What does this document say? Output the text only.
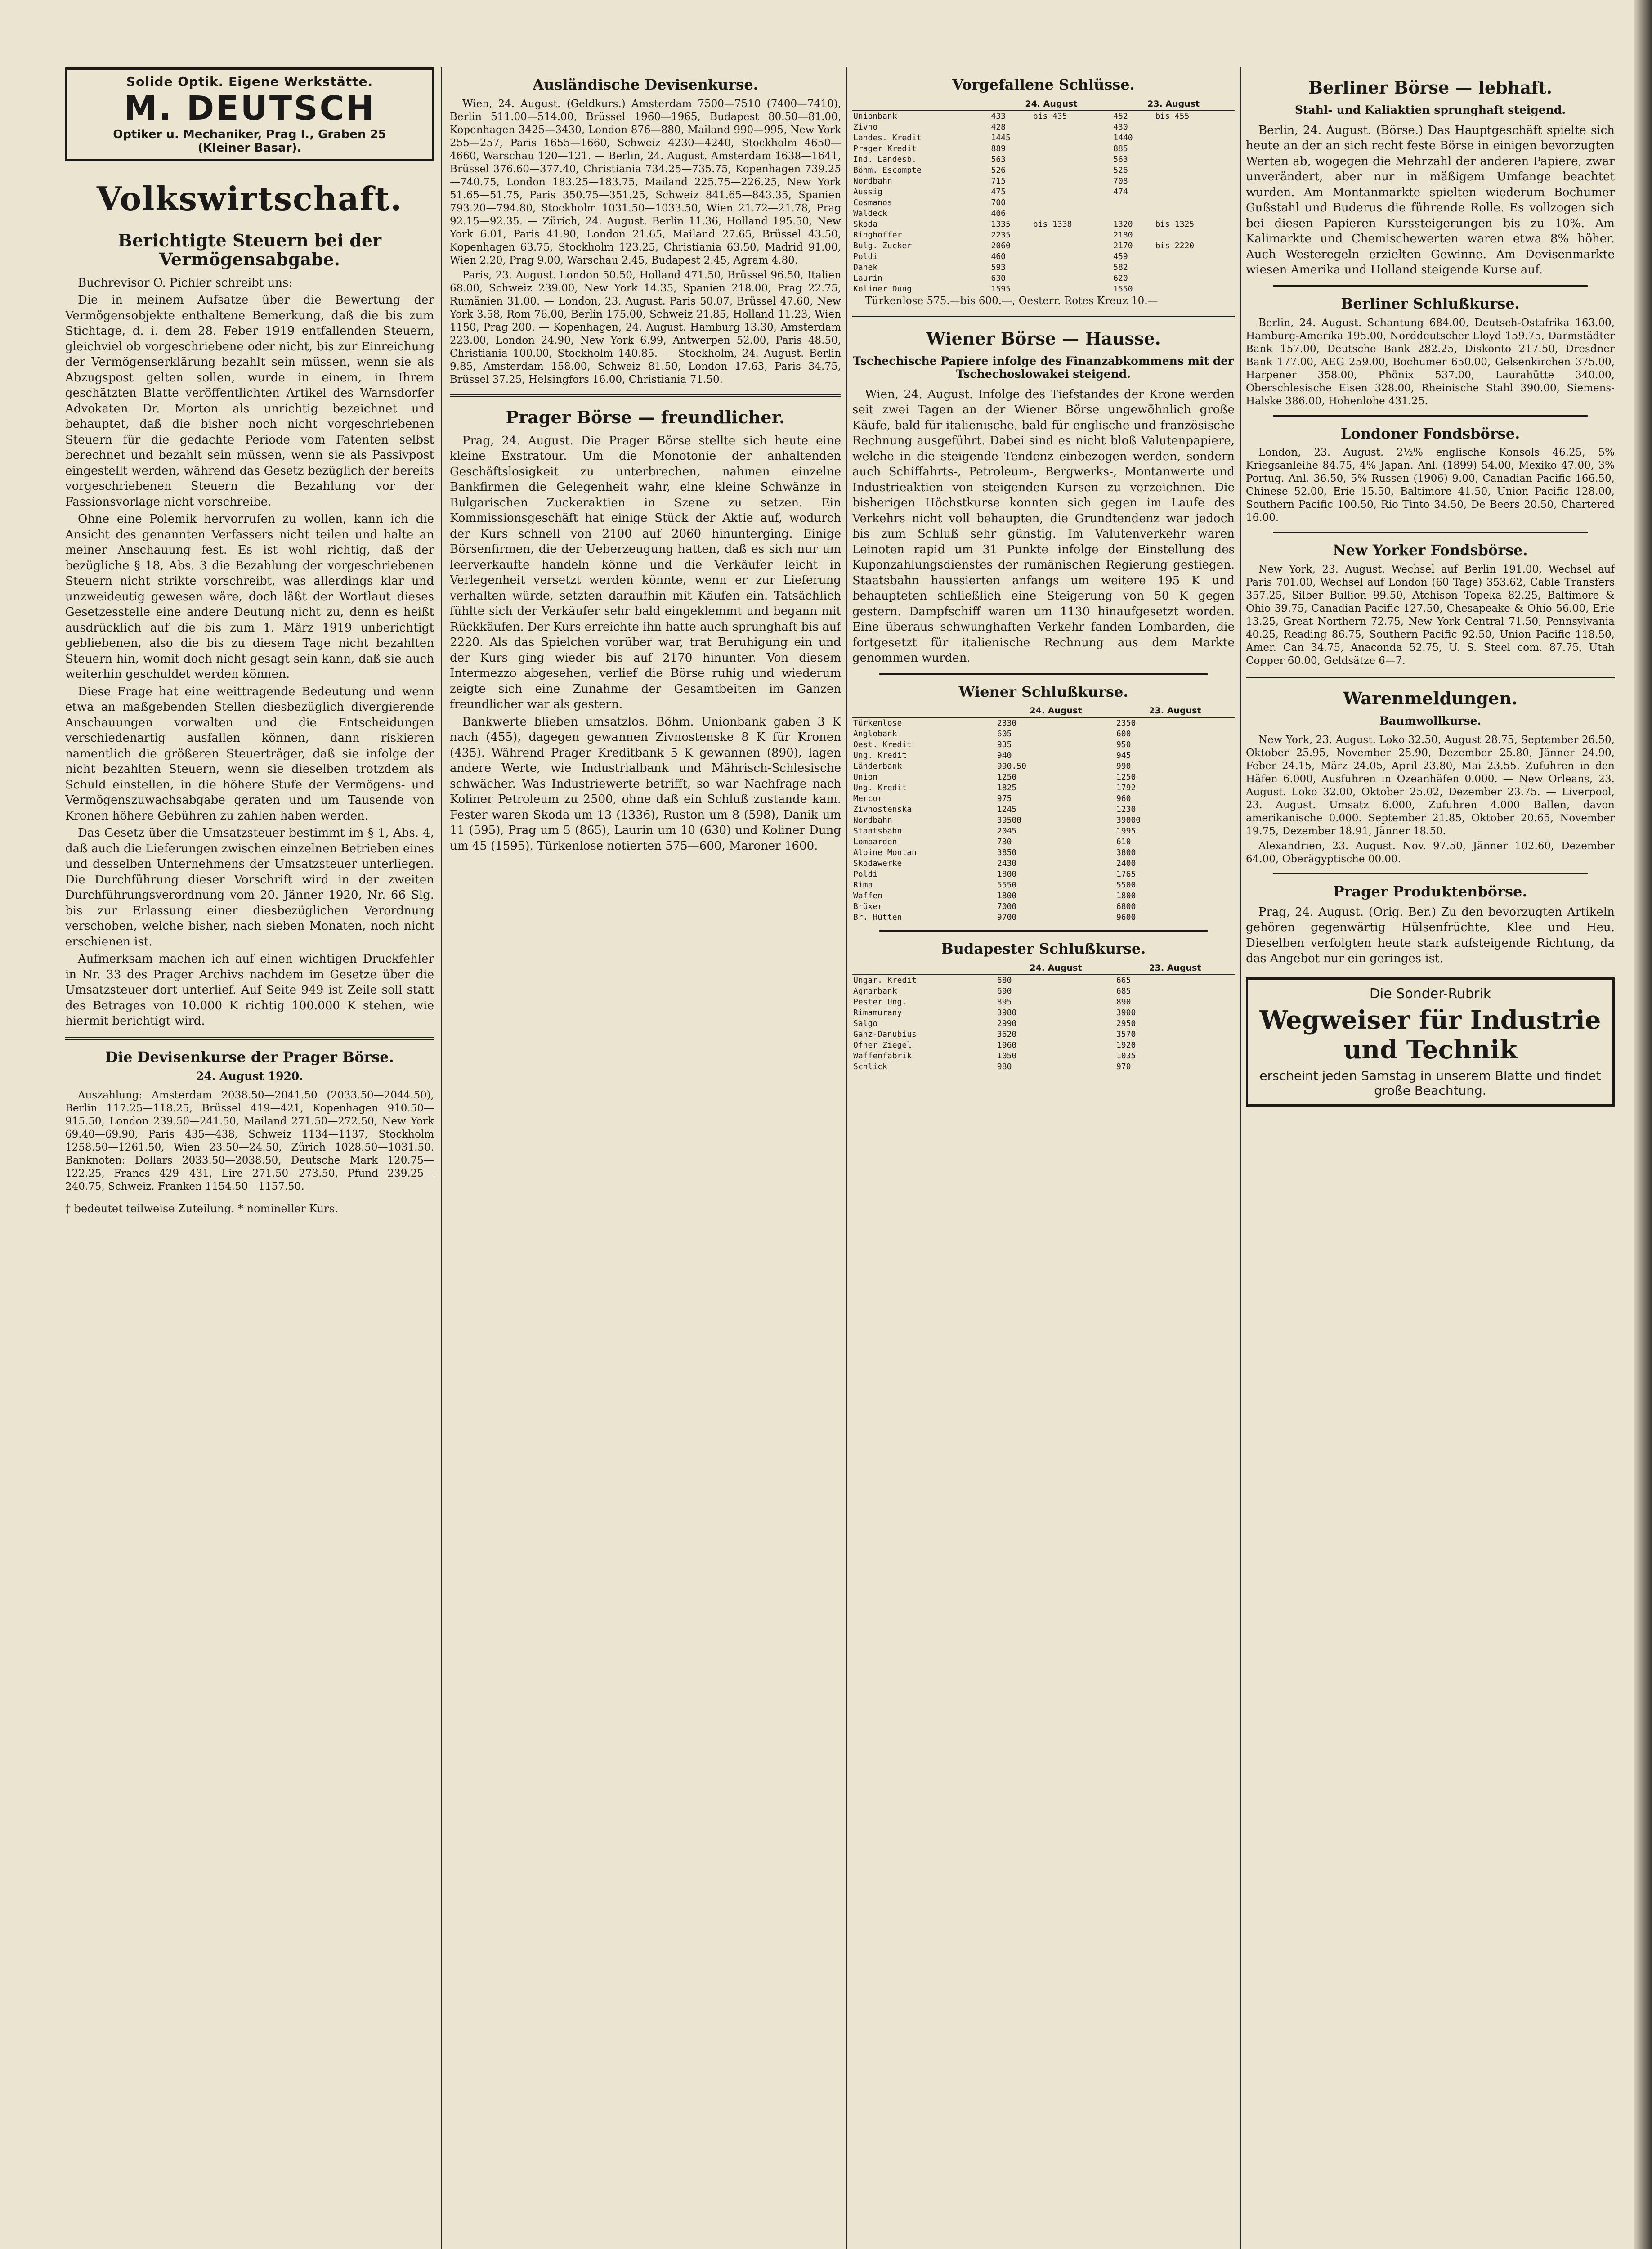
Solide Optik. Eigene Werkstätte.
M. DEUTSCH
Optiker u. Mechaniker, Prag I., Graben 25
(Kleiner Basar).
Volkswirtschaft.
Berichtigte Steuern bei der Vermögensabgabe.

Buchrevisor O. Pichler schreibt uns:

Die in meinem Aufsatze über die Bewertung der Vermögensobjekte enthaltene Bemerkung, daß die bis zum Stichtage, d. i. dem 28. Feber 1919 entfallenden Steuern, gleichviel ob vorgeschriebene oder nicht, bis zur Einreichung der Vermögenserklärung bezahlt sein müssen, wenn sie als Abzugspost gelten sollen, wurde in einem, in Ihrem geschätzten Blatte veröffentlichten Artikel des Warnsdorfer Advokaten Dr. Morton als unrichtig bezeichnet und behauptet, daß die bisher noch nicht vorgeschriebenen Steuern für die gedachte Periode vom Fatenten selbst berechnet und bezahlt sein müssen, wenn sie als Passivpost eingestellt werden, während das Gesetz bezüglich der bereits vorgeschriebenen Steuern die Bezahlung vor der Fassionsvorlage nicht vorschreibe.

Ohne eine Polemik hervorrufen zu wollen, kann ich die Ansicht des genannten Verfassers nicht teilen und halte an meiner Anschauung fest. Es ist wohl richtig, daß der bezügliche § 18, Abs. 3 die Bezahlung der vorgeschriebenen Steuern nicht strikte vorschreibt, was allerdings klar und unzweideutig gewesen wäre, doch läßt der Wortlaut dieses Gesetzesstelle eine andere Deutung nicht zu, denn es heißt ausdrücklich auf die bis zum 1. März 1919 unberichtigt gebliebenen, also die bis zu diesem Tage nicht bezahlten Steuern hin, womit doch nicht gesagt sein kann, daß sie auch weiterhin geschuldet werden können.

Diese Frage hat eine weittragende Bedeutung und wenn etwa an maßgebenden Stellen diesbezüglich divergierende Anschauungen vorwalten und die Entscheidungen verschiedenartig ausfallen können, dann riskieren namentlich die größeren Steuerträger, daß sie infolge der nicht bezahlten Steuern, wenn sie dieselben trotzdem als Schuld einstellen, in die höhere Stufe der Vermögens- und Vermögenszuwachsabgabe geraten und um Tausende von Kronen höhere Gebühren zu zahlen haben werden.

Das Gesetz über die Umsatzsteuer bestimmt im § 1, Abs. 4, daß auch die Lieferungen zwischen einzelnen Betrieben eines und desselben Unternehmens der Umsatzsteuer unterliegen. Die Durchführung dieser Vorschrift wird in der zweiten Durchführungsverordnung vom 20. Jänner 1920, Nr. 66 Slg. bis zur Erlassung einer diesbezüglichen Verordnung verschoben, welche bisher, nach sieben Monaten, noch nicht erschienen ist.

Aufmerksam machen ich auf einen wichtigen Druckfehler in Nr. 33 des Prager Archivs nachdem im Gesetze über die Umsatzsteuer dort unterlief. Auf Seite 949 ist Zeile soll statt des Betrages von 10.000 K richtig 100.000 K stehen, wie hiermit berichtigt wird.

Die Devisenkurse der Prager Börse.
24. August 1920.

Auszahlung: Amsterdam 2038.50—2041.50 (2033.50—2044.50), Berlin 117.25—118.25, Brüssel 419—421, Kopenhagen 910.50—915.50, London 239.50—241.50, Mailand 271.50—272.50, New York 69.40—69.90, Paris 435—438, Schweiz 1134—1137, Stockholm 1258.50—1261.50, Wien 23.50—24.50, Zürich 1028.50—1031.50. Banknoten: Dollars 2033.50—2038.50, Deutsche Mark 120.75—122.25, Francs 429—431, Lire 271.50—273.50, Pfund 239.25—240.75, Schweiz. Franken 1154.50—1157.50.

† bedeutet teilweise Zuteilung. * nomineller Kurs.
Ausländische Devisenkurse.

Wien, 24. August. (Geldkurs.) Amsterdam 7500—7510 (7400—7410), Berlin 511.00—514.00, Brüssel 1960—1965, Budapest 80.50—81.00, Kopenhagen 3425—3430, London 876—880, Mailand 990—995, New York 255—257, Paris 1655—1660, Schweiz 4230—4240, Stockholm 4650—4660, Warschau 120—121. — Berlin, 24. August. Amsterdam 1638—1641, Brüssel 376.60—377.40, Christiania 734.25—735.75, Kopenhagen 739.25—740.75, London 183.25—183.75, Mailand 225.75—226.25, New York 51.65—51.75, Paris 350.75—351.25, Schweiz 841.65—843.35, Spanien 793.20—794.80, Stockholm 1031.50—1033.50, Wien 21.72—21.78, Prag 92.15—92.35. — Zürich, 24. August. Berlin 11.36, Holland 195.50, New York 6.01, Paris 41.90, London 21.65, Mailand 27.65, Brüssel 43.50, Kopenhagen 63.75, Stockholm 123.25, Christiania 63.50, Madrid 91.00, Wien 2.20, Prag 9.00, Warschau 2.45, Budapest 2.45, Agram 4.80.

Paris, 23. August. London 50.50, Holland 471.50, Brüssel 96.50, Italien 68.00, Schweiz 239.00, New York 14.35, Spanien 218.00, Prag 22.75, Rumänien 31.00. — London, 23. August. Paris 50.07, Brüssel 47.60, New York 3.58, Rom 76.00, Berlin 175.00, Schweiz 21.85, Holland 11.23, Wien 1150, Prag 200. — Kopenhagen, 24. August. Hamburg 13.30, Amsterdam 223.00, London 24.90, New York 6.99, Antwerpen 52.00, Paris 48.50, Christiania 100.00, Stockholm 140.85. — Stockholm, 24. August. Berlin 9.85, Amsterdam 158.00, Schweiz 81.50, London 17.63, Paris 34.75, Brüssel 37.25, Helsingfors 16.00, Christiania 71.50.

Prager Börse — freundlicher.

Prag, 24. August. Die Prager Börse stellte sich heute eine kleine Exstratour. Um die Monotonie der anhaltenden Geschäftslosigkeit zu unterbrechen, nahmen einzelne Bankfirmen die Gelegenheit wahr, eine kleine Schwänze in Bulgarischen Zuckeraktien in Szene zu setzen. Ein Kommissionsgeschäft hat einige Stück der Aktie auf, wodurch der Kurs schnell von 2100 auf 2060 hinunterging. Einige Börsenfirmen, die der Ueberzeugung hatten, daß es sich nur um leerverkaufte handeln könne und die Verkäufer leicht in Verlegenheit versetzt werden könnte, wenn er zur Lieferung verhalten würde, setzten daraufhin mit Käufen ein. Tatsächlich fühlte sich der Verkäufer sehr bald eingeklemmt und begann mit Rückkäufen. Der Kurs erreichte ihn hatte auch sprunghaft bis auf 2220. Als das Spielchen vorüber war, trat Beruhigung ein und der Kurs ging wieder bis auf 2170 hinunter. Von diesem Intermezzo abgesehen, verlief die Börse ruhig und wiederum zeigte sich eine Zunahme der Gesamtbeiten im Ganzen freundlicher war als gestern.

Bankwerte blieben umsatzlos. Böhm. Unionbank gaben 3 K nach (455), dagegen gewannen Zivnostenske 8 K für Kronen (435). Während Prager Kreditbank 5 K gewannen (890), lagen andere Werte, wie Industrialbank und Mährisch-Schlesische schwächer. Was Industriewerte betrifft, so war Nachfrage nach Koliner Petroleum zu 2500, ohne daß ein Schluß zustande kam. Fester waren Skoda um 13 (1336), Ruston um 8 (598), Danik um 11 (595), Prag um 5 (865), Laurin um 10 (630) und Koliner Dung um 45 (1595). Türkenlose notierten 575—600, Maroner 1600.

Vorgefallene Schlüsse.
	24. August		23. August	
Unionbank	433	bis 435	452	bis 455
Zivno	428		430	
Landes. Kredit	1445		1440	
Prager Kredit	889		885	
Ind. Landesb.	563		563	
Böhm. Escompte	526		526	
Nordbahn	715		708	
Aussig	475		474	
Cosmanos	700			
Waldeck	406			
Skoda	1335	bis 1338	1320	bis 1325
Ringhoffer	2235		2180	
Bulg. Zucker	2060		2170	bis 2220
Poldi	460		459	
Danek	593		582	
Laurin	630		620	
Koliner Dung	1595		1550	

Türkenlose 575.—bis 600.—, Oesterr. Rotes Kreuz 10.—

Wiener Börse — Hausse.
Tschechische Papiere infolge des Finanzabkommens mit der Tschechoslowakei steigend.

Wien, 24. August. Infolge des Tiefstandes der Krone werden seit zwei Tagen an der Wiener Börse ungewöhnlich große Käufe, bald für italienische, bald für englische und französische Rechnung ausgeführt. Dabei sind es nicht bloß Valutenpapiere, welche in die steigende Tendenz einbezogen werden, sondern auch Schiffahrts-, Petroleum-, Bergwerks-, Montanwerte und Industrieaktien von steigenden Kursen zu verzeichnen. Die bisherigen Höchstkurse konnten sich gegen im Laufe des Verkehrs nicht voll behaupten, die Grundtendenz war jedoch bis zum Schluß sehr günstig. Im Valutenverkehr waren Leinoten rapid um 31 Punkte infolge der Einstellung des Kuponzahlungsdienstes der rumänischen Regierung gestiegen. Staatsbahn haussierten anfangs um weitere 195 K und behaupteten schließlich eine Steigerung von 50 K gegen gestern. Dampfschiff waren um 1130 hinaufgesetzt worden. Eine überaus schwunghaften Verkehr fanden Lombarden, die fortgesetzt für italienische Rechnung aus dem Markte genommen wurden.

Wiener Schlußkurse.
	24. August	23. August
Türkenlose	2330	2350
Anglobank	605	600
Oest. Kredit	935	950
Ung. Kredit	940	945
Länderbank	990.50	990
Union	1250	1250
Ung. Kredit	1825	1792
Mercur	975	960
Zivnostenska	1245	1230
Nordbahn	39500	39000
Staatsbahn	2045	1995
Lombarden	730	610
Alpine Montan	3850	3800
Skodawerke	2430	2400
Poldi	1800	1765
Rima	5550	5500
Waffen	1800	1800
Brüxer	7000	6800
Br. Hütten	9700	9600
Budapester Schlußkurse.
	24. August	23. August
Ungar. Kredit	680	665
Agrarbank	690	685
Pester Ung.	895	890
Rimamurany	3980	3900
Salgo	2990	2950
Ganz-Danubius	3620	3570
Ofner Ziegel	1960	1920
Waffenfabrik	1050	1035
Schlick	980	970
Berliner Börse — lebhaft.
Stahl- und Kaliaktien sprunghaft steigend.

Berlin, 24. August. (Börse.) Das Hauptgeschäft spielte sich heute an der an sich recht feste Börse in einigen bevorzugten Werten ab, wogegen die Mehrzahl der anderen Papiere, zwar unverändert, aber nur in mäßigem Umfange beachtet wurden. Am Montanmarkte spielten wiederum Bochumer Gußstahl und Buderus die führende Rolle. Es vollzogen sich bei diesen Papieren Kurssteigerungen bis zu 10%. Am Kalimarkte und Chemischewerten waren etwa 8% höher. Auch Westeregeln erzielten Gewinne. Am Devisenmarkte wiesen Amerika und Holland steigende Kurse auf.

Berliner Schlußkurse.

Berlin, 24. August. Schantung 684.00, Deutsch-Ostafrika 163.00, Hamburg-Amerika 195.00, Norddeutscher Lloyd 159.75, Darmstädter Bank 157.00, Deutsche Bank 282.25, Diskonto 217.50, Dresdner Bank 177.00, AEG 259.00, Bochumer 650.00, Gelsenkirchen 375.00, Harpener 358.00, Phönix 537.00, Laurahütte 340.00, Oberschlesische Eisen 328.00, Rheinische Stahl 390.00, Siemens-Halske 386.00, Hohenlohe 431.25.

Londoner Fondsbörse.

London, 23. August. 2½% englische Konsols 46.25, 5% Kriegsanleihe 84.75, 4% Japan. Anl. (1899) 54.00, Mexiko 47.00, 3% Portug. Anl. 36.50, 5% Russen (1906) 9.00, Canadian Pacific 166.50, Chinese 52.00, Erie 15.50, Baltimore 41.50, Union Pacific 128.00, Southern Pacific 100.50, Rio Tinto 34.50, De Beers 20.50, Chartered 16.00.

New Yorker Fondsbörse.

New York, 23. August. Wechsel auf Berlin 191.00, Wechsel auf Paris 701.00, Wechsel auf London (60 Tage) 353.62, Cable Transfers 357.25, Silber Bullion 99.50, Atchison Topeka 82.25, Baltimore & Ohio 39.75, Canadian Pacific 127.50, Chesapeake & Ohio 56.00, Erie 13.25, Great Northern 72.75, New York Central 71.50, Pennsylvania 40.25, Reading 86.75, Southern Pacific 92.50, Union Pacific 118.50, Amer. Can 34.75, Anaconda 52.75, U. S. Steel com. 87.75, Utah Copper 60.00, Geldsätze 6—7.

Warenmeldungen.
Baumwollkurse.

New York, 23. August. Loko 32.50, August 28.75, September 26.50, Oktober 25.95, November 25.90, Dezember 25.80, Jänner 24.90, Feber 24.15, März 24.05, April 23.80, Mai 23.55. Zufuhren in den Häfen 6.000, Ausfuhren in Ozeanhäfen 0.000. — New Orleans, 23. August. Loko 32.00, Oktober 25.02, Dezember 23.75. — Liverpool, 23. August. Umsatz 6.000, Zufuhren 4.000 Ballen, davon amerikanische 0.000. September 21.85, Oktober 20.65, November 19.75, Dezember 18.91, Jänner 18.50.

Alexandrien, 23. August. Nov. 97.50, Jänner 102.60, Dezember 64.00, Oberägyptische 00.00.

Prager Produktenbörse.

Prag, 24. August. (Orig. Ber.) Zu den bevorzugten Artikeln gehören gegenwärtig Hülsenfrüchte, Klee und Heu. Dieselben verfolgten heute stark aufsteigende Richtung, da das Angebot nur ein geringes ist.

Die Sonder-Rubrik
Wegweiser für Industrie und Technik
erscheint jeden Samstag in unserem Blatte und findet große Beachtung.
